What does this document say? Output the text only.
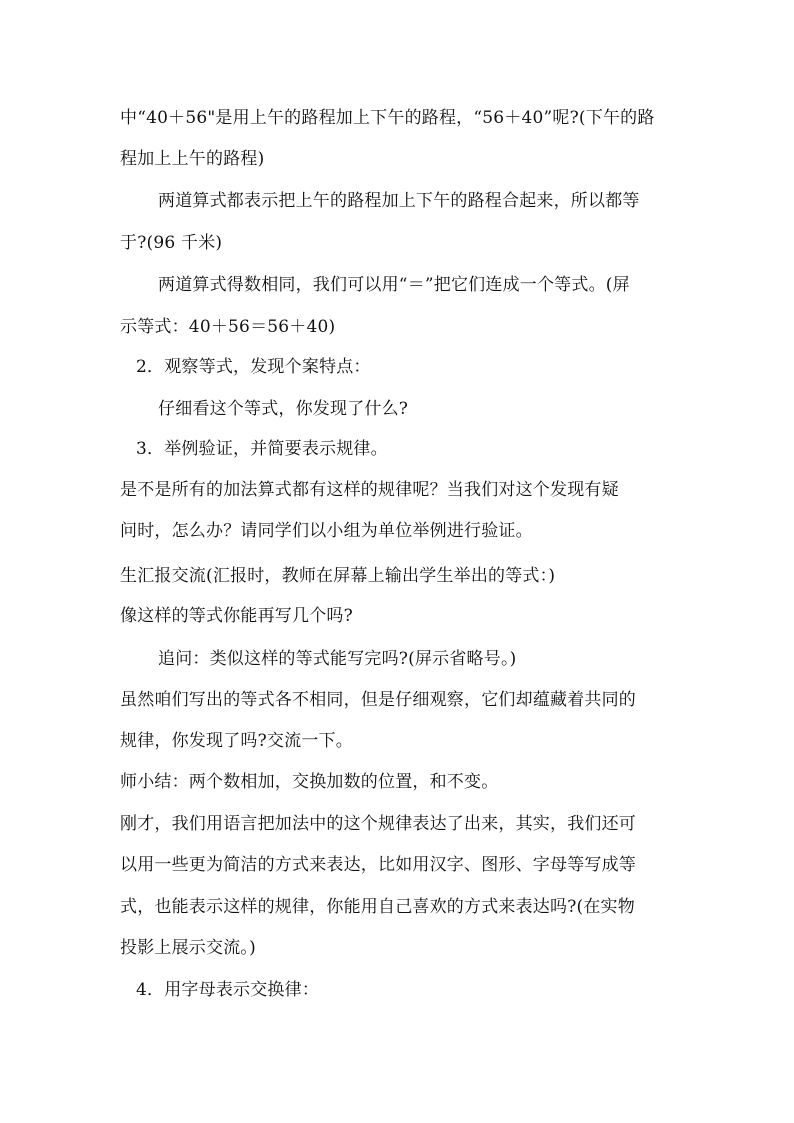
中“40＋56"是用上午的路程加上下午的路程，“56＋40”呢?(下午的路
程加上上午的路程)
两道算式都表示把上午的路程加上下午的路程合起来，所以都等
于?(96 千米)
两道算式得数相同，我们可以用“＝”把它们连成一个等式。(屏
示等式：40＋56＝56＋40)
2．观察等式，发现个案特点：
仔细看这个等式，你发现了什么?
3．举例验证，并简要表示规律。
是不是所有的加法算式都有这样的规律呢？当我们对这个发现有疑
问时，怎么办？请同学们以小组为单位举例进行验证。
生汇报交流(汇报时，教师在屏幕上输出学生举出的等式：)
像这样的等式你能再写几个吗?
追问：类似这样的等式能写完吗?(屏示省略号。)
虽然咱们写出的等式各不相同，但是仔细观察，它们却蕴藏着共同的
规律，你发现了吗?交流一下。
师小结：两个数相加，交换加数的位置，和不变。
刚才，我们用语言把加法中的这个规律表达了出来，其实，我们还可
以用一些更为简洁的方式来表达，比如用汉字、图形、字母等写成等
式，也能表示这样的规律，你能用自己喜欢的方式来表达吗?(在实物
投影上展示交流。)
4．用字母表示交换律：
